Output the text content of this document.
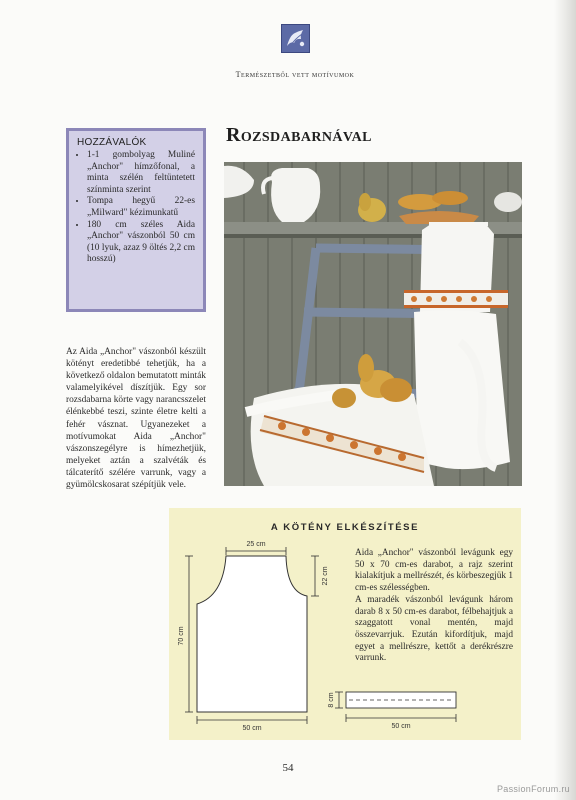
Természetből vett motívumok
HOZZÁVALÓK
• 1-1 gombolyag Muliné „Anchor" hímzőfonal, a minta szélén feltüntetett színminta szerint
• Tompa hegyű 22-es „Milward" kézimunkatű
• 180 cm széles Aida „Anchor" vászonból 50 cm (10 lyuk, azaz 9 öltés 2,2 cm hosszú)
Rozsdabarnával
Az Aida „Anchor" vászonból készült kötényt eredetibbé tehetjük, ha a következő oldalon bemutatott minták valamelyikével díszítjük. Egy sor rozsdabarna körte vagy narancsszelet élénkebbé teszi, szinte életre kelti a fehér vásznat. Ugyanezeket a motívumokat Aida „Anchor" vászonszegélyre is hímezhetjük, melyeket aztán a szalvéták és tálcaterítő szélére varrunk, vagy a gyümölcskosarat szépítjük vele.
A KÖTÉNY ELKÉSZÍTÉSE
Aida „Anchor" vászonból levágunk egy 50 x 70 cm-es darabot, a rajz szerint kialakítjuk a mellrészét, és körbeszegjük 1 cm-es szélességben.
A maradék vászonból levágunk három darab 8 x 50 cm-es darabot, félbehajtjuk a szaggatott vonal mentén, majd összevarrjuk. Ezután kifordítjuk, majd egyet a mellrészre, kettőt a derékrészre varrunk.
25 cm
22 cm
70 cm
50 cm
8 cm
50 cm
54
PassionForum.ru
